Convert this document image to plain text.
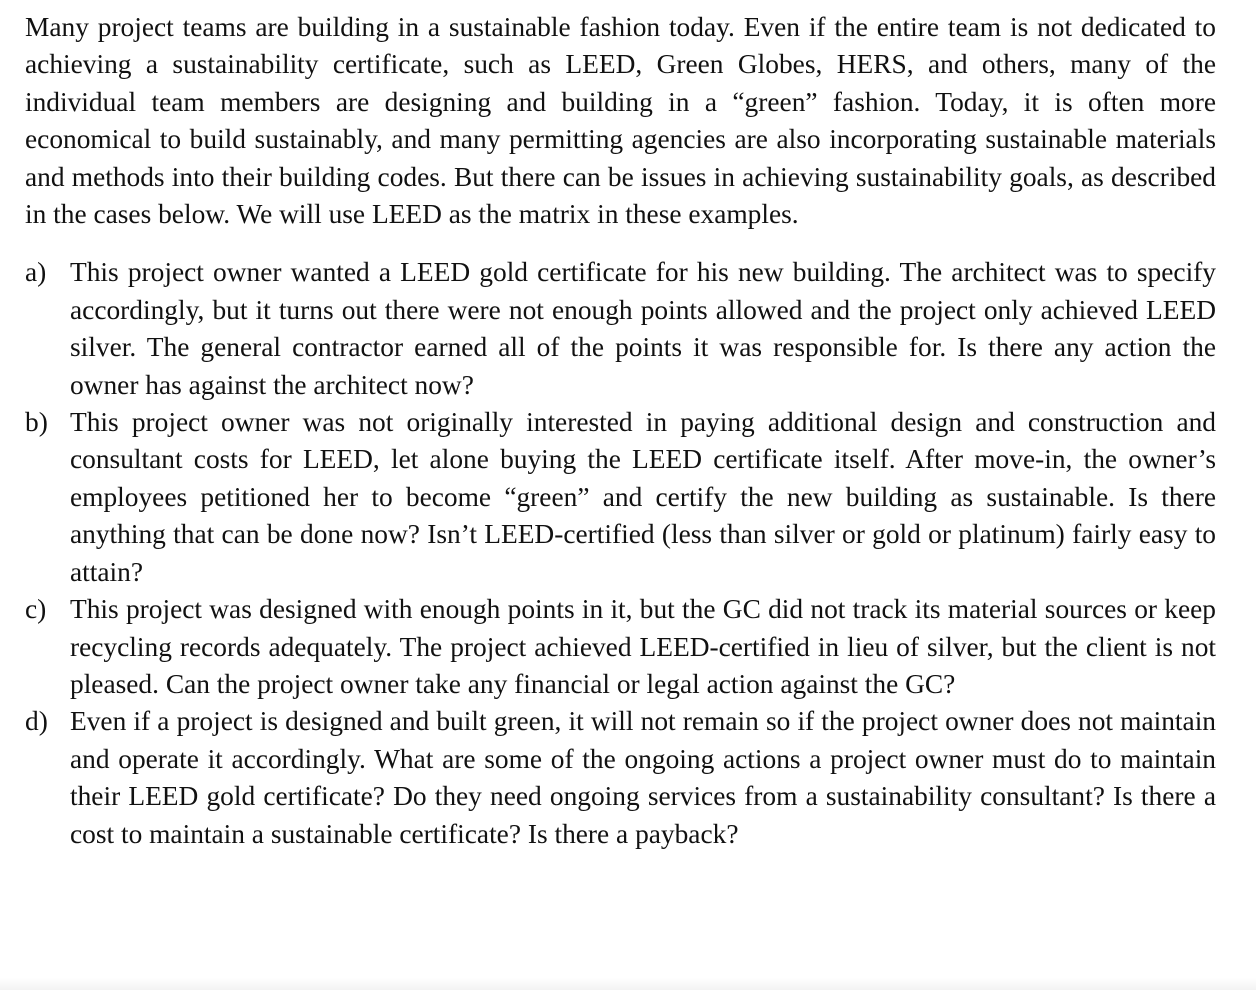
Many project teams are building in a sustainable fashion today. Even if the entire team is not dedicated to achieving a sustainability certificate, such as LEED, Green Globes, HERS, and others, many of the individual team members are designing and building in a “green” fashion. Today, it is often more economical to build sustainably, and many permitting agencies are also incorporating sustainable materials and methods into their building codes. But there can be issues in achieving sustainability goals, as described in the cases below. We will use LEED as the matrix in these examples.

a) This project owner wanted a LEED gold certificate for his new building. The architect was to specify accordingly, but it turns out there were not enough points allowed and the project only achieved LEED silver. The general contractor earned all of the points it was responsible for. Is there any action the owner has against the architect now?
b) This project owner was not originally interested in paying additional design and construction and consultant costs for LEED, let alone buying the LEED certificate itself. After move-in, the owner’s employees petitioned her to become “green” and certify the new building as sustainable. Is there anything that can be done now? Isn’t LEED-certified (less than silver or gold or platinum) fairly easy to attain?
c) This project was designed with enough points in it, but the GC did not track its material sources or keep recycling records adequately. The project achieved LEED-certified in lieu of silver, but the client is not pleased. Can the project owner take any financial or legal action against the GC?
d) Even if a project is designed and built green, it will not remain so if the project owner does not maintain and operate it accordingly. What are some of the ongoing actions a project owner must do to maintain their LEED gold certificate? Do they need ongoing services from a sustainability consultant? Is there a cost to maintain a sustainable certificate? Is there a payback?
